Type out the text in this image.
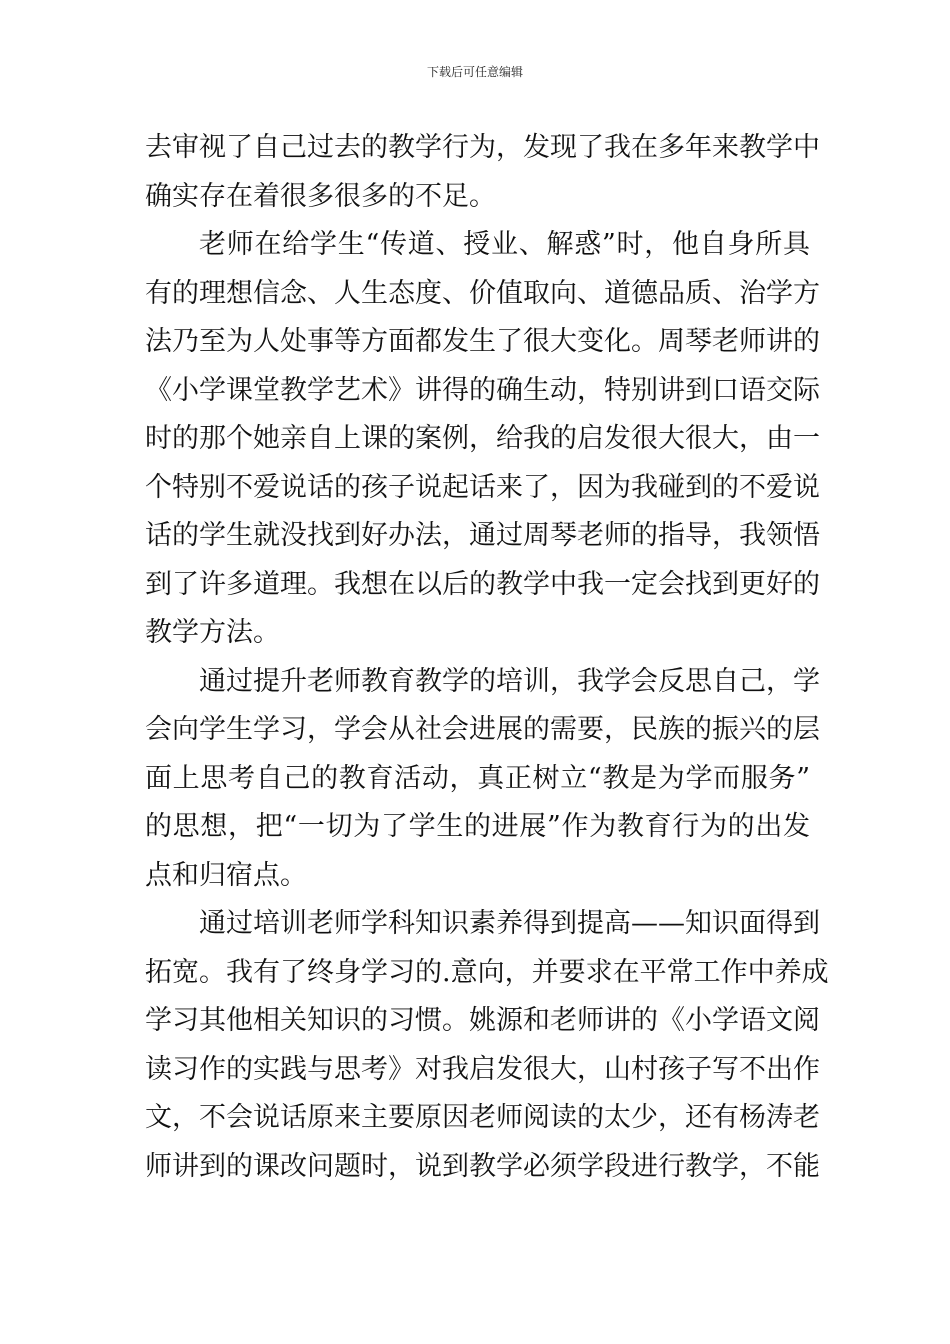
下载后可任意编辑
去审视了自己过去的教学行为，发现了我在多年来教学中
确实存在着很多很多的不足。
老师在给学生“传道、授业、解惑”时，他自身所具
有的理想信念、人生态度、价值取向、道德品质、治学方
法乃至为人处事等方面都发生了很大变化。周琴老师讲的
《小学课堂教学艺术》讲得的确生动，特别讲到口语交际
时的那个她亲自上课的案例，给我的启发很大很大，由一
个特别不爱说话的孩子说起话来了，因为我碰到的不爱说
话的学生就没找到好办法，通过周琴老师的指导，我领悟
到了许多道理。我想在以后的教学中我一定会找到更好的
教学方法。
通过提升老师教育教学的培训，我学会反思自己，学
会向学生学习，学会从社会进展的需要，民族的振兴的层
面上思考自己的教育活动，真正树立“教是为学而服务”
的思想，把“一切为了学生的进展”作为教育行为的出发
点和归宿点。
通过培训老师学科知识素养得到提高——知识面得到
拓宽。我有了终身学习的.意向，并要求在平常工作中养成
学习其他相关知识的习惯。姚源和老师讲的《小学语文阅
读习作的实践与思考》对我启发很大，山村孩子写不出作
文，不会说话原来主要原因老师阅读的太少，还有杨涛老
师讲到的课改问题时，说到教学必须学段进行教学，不能
